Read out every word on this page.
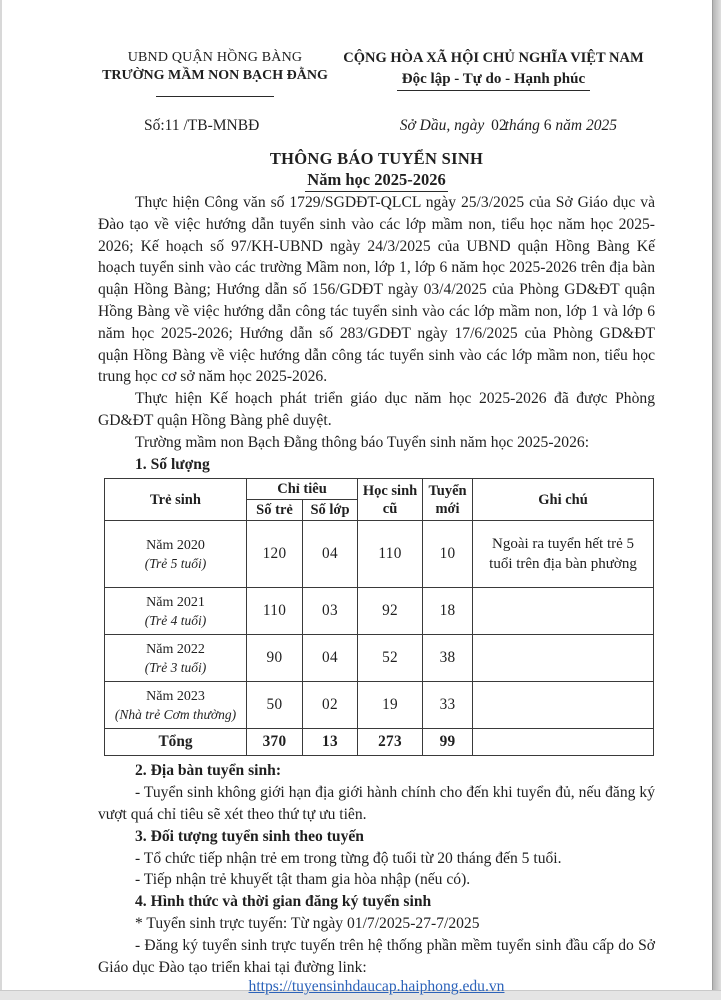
UBND QUẬN HỒNG BÀNG
TRƯỜNG MẦM NON BẠCH ĐẰNG
CỘNG HÒA XÃ HỘI CHỦ NGHĨA VIỆT NAM
Độc lập - Tự do - Hạnh phúc
Số:11 /TB-MNBĐ	Sở Dầu, ngày 02tháng 6 năm 2025
THÔNG BÁO TUYỂN SINH
Năm học 2025-2026

Thực hiện Công văn số 1729/SGDĐT-QLCL ngày 25/3/2025 của Sở Giáo dục và Đào tạo về việc hướng dẫn tuyển sinh vào các lớp mầm non, tiểu học năm học 2025-2026; Kế hoạch số 97/KH-UBND ngày 24/3/2025 của UBND quận Hồng Bàng Kế hoạch tuyển sinh vào các trường Mầm non, lớp 1, lớp 6 năm học 2025-2026 trên địa bàn quận Hồng Bàng; Hướng dẫn số 156/GDĐT ngày 03/4/2025 của Phòng GD&ĐT quận Hồng Bàng về việc hướng dẫn công tác tuyển sinh vào các lớp mầm non, lớp 1 và lớp 6 năm học 2025-2026; Hướng dẫn số 283/GDĐT ngày 17/6/2025 của Phòng GD&ĐT quận Hồng Bàng về việc hướng dẫn công tác tuyển sinh vào các lớp mầm non, tiểu học trung học cơ sở năm học 2025-2026.

Thực hiện Kế hoạch phát triển giáo dục năm học 2025-2026 đã được Phòng GD&ĐT quận Hồng Bàng phê duyệt.

Trường mầm non Bạch Đằng thông báo Tuyển sinh năm học 2025-2026:

1. Số lượng

Trẻ sinh	Chỉ tiêu		Học sinh cũ	Tuyển mới	Ghi chú
	Số trẻ	Số lớp			

Năm 2020
(Trẻ 5 tuổi)	120	04	110	10	Ngoài ra tuyển hết trẻ 5 tuổi trên địa bàn phường

Năm 2021
(Trẻ 4 tuổi)	110	03	92	18	

Năm 2022
(Trẻ 3 tuổi)	90	04	52	38	

Năm 2023
(Nhà trẻ Cơm thường)	50	02	19	33	
Tổng	370	13	273	99	

2. Địa bàn tuyển sinh:

- Tuyển sinh không giới hạn địa giới hành chính cho đến khi tuyển đủ, nếu đăng ký vượt quá chỉ tiêu sẽ xét theo thứ tự ưu tiên.

3. Đối tượng tuyển sinh theo tuyến

- Tổ chức tiếp nhận trẻ em trong từng độ tuổi từ 20 tháng đến 5 tuổi.

- Tiếp nhận trẻ khuyết tật tham gia hòa nhập (nếu có).

4. Hình thức và thời gian đăng ký tuyển sinh

* Tuyển sinh trực tuyến: Từ ngày 01/7/2025-27-7/2025

- Đăng ký tuyển sinh trực tuyến trên hệ thống phần mềm tuyển sinh đầu cấp do Sở Giáo dục Đào tạo triển khai tại đường link:

https://tuyensinhdaucap.haiphong.edu.vn
